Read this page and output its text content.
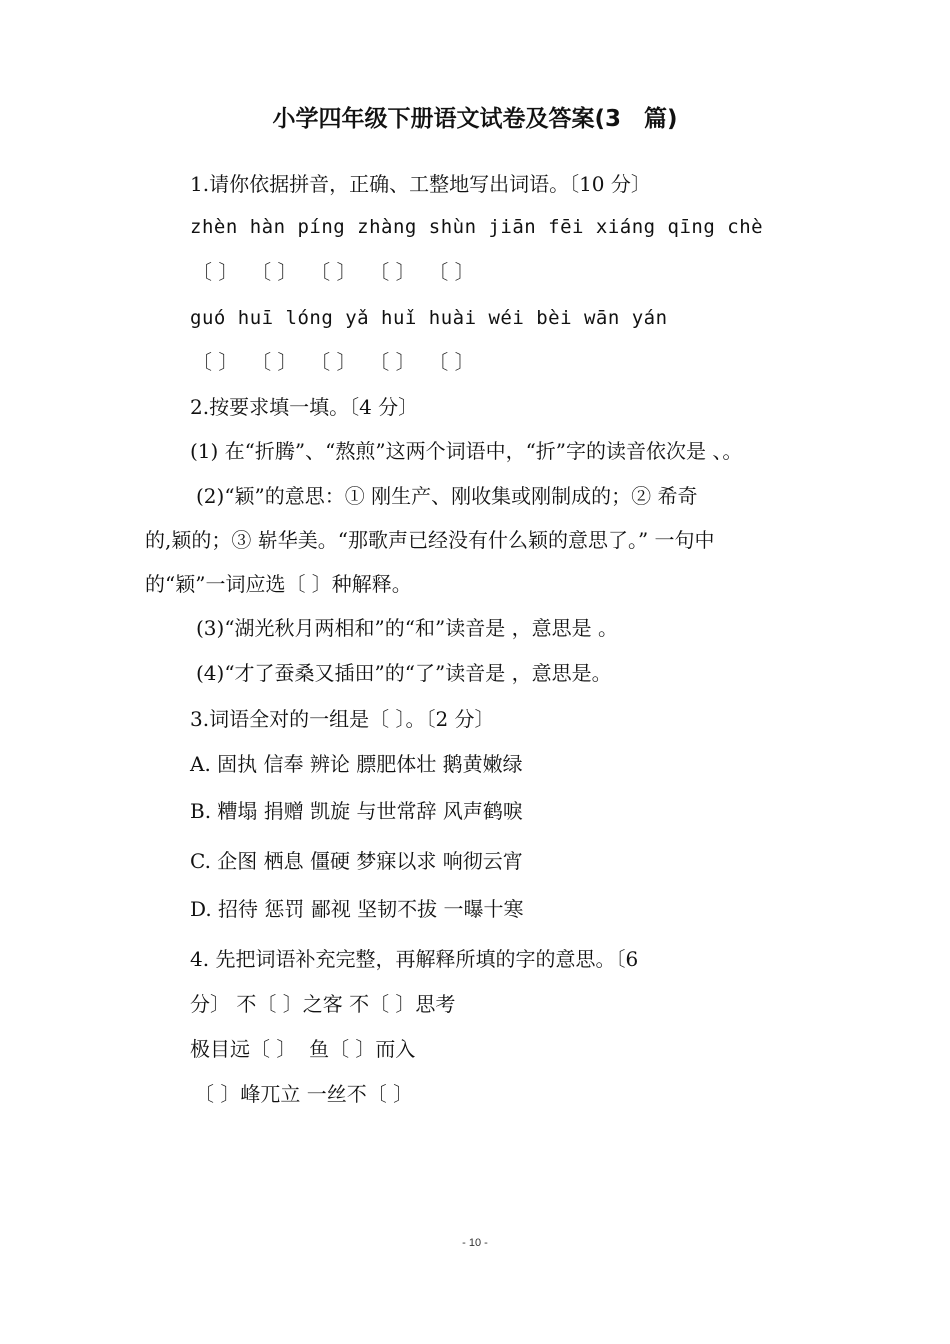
小学四年级下册语文试卷及答案(3　篇)
1.请你依据拼音，正确、工整地写出词语。〔10 分〕
zhèn hàn píng zhàng shùn jiān fēi xiáng qīng chè
〔 〕  〔 〕  〔 〕  〔 〕  〔 〕
guó huī lóng yǎ huǐ huài wéi bèi wān yán
〔 〕  〔 〕  〔 〕  〔 〕  〔 〕
2.按要求填一填。〔4 分〕
(1) 在“折腾”、“熬煎”这两个词语中，“折”字的读音依次是 、。
(2)“颖”的意思：① 刚生产、刚收集或刚制成的；② 希奇
的,颖的；③ 崭华美。“那歌声已经没有什么颖的意思了。” 一句中
的“颖”一词应选〔 〕种解释。
(3)“湖光秋月两相和”的“和”读音是 ，意思是 。
(4)“才了蚕桑又插田”的“了”读音是 ，意思是。
3.词语全对的一组是〔 〕。〔2 分〕
A. 固执 信奉 辨论 膘肥体壮 鹅黄嫩绿
B. 糟塌 捐赠 凯旋 与世常辞 风声鹤唳
C. 企图 栖息 僵硬 梦寐以求 响彻云宵
D. 招待 惩罚 鄙视 坚韧不拔 一曝十寒
4. 先把词语补充完整，再解释所填的字的意思。〔6
分〕 不〔 〕之客 不〔 〕思考
极目远〔 〕  鱼〔 〕而入
〔 〕峰兀立 一丝不〔 〕
- 10 -
